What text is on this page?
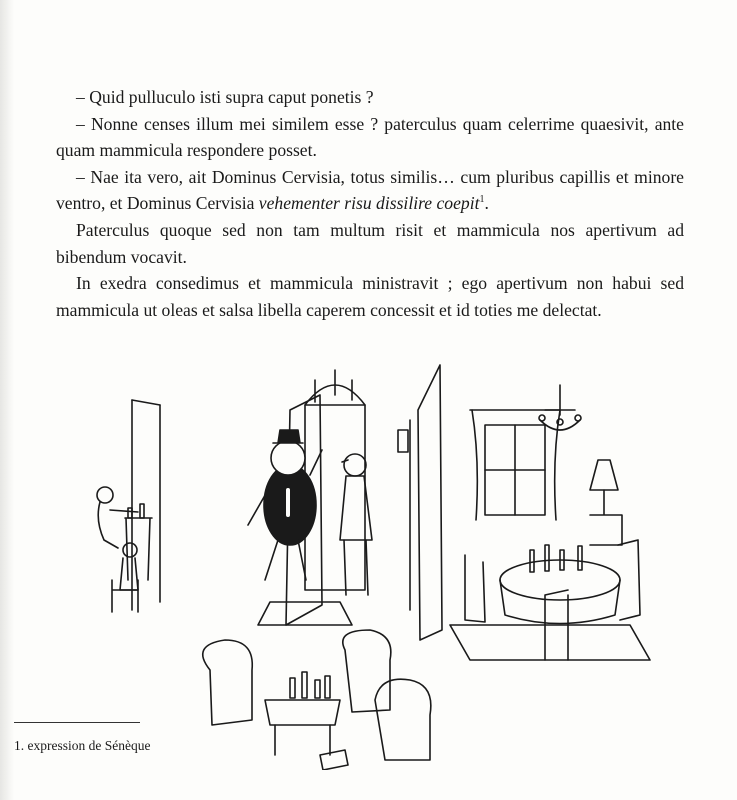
– Quid pulluculo isti supra caput ponetis ?

– Nonne censes illum mei similem esse ? paterculus quam celerrime quaesivit, ante quam mammicula respondere posset.

– Nae ita vero, ait Dominus Cervisia, totus similis… cum pluribus capillis et minore ventro, et Dominus Cervisia vehementer risu dissilire coepit$^1$.

Paterculus quoque sed non tam multum risit et mammicula nos apertivum ad bibendum vocavit.

In exedra consedimus et mammicula ministravit ; ego apertivum non habui sed mammicula ut oleas et salsa libella caperem concessit et id toties me delectat.

1. expression de Sénèque
